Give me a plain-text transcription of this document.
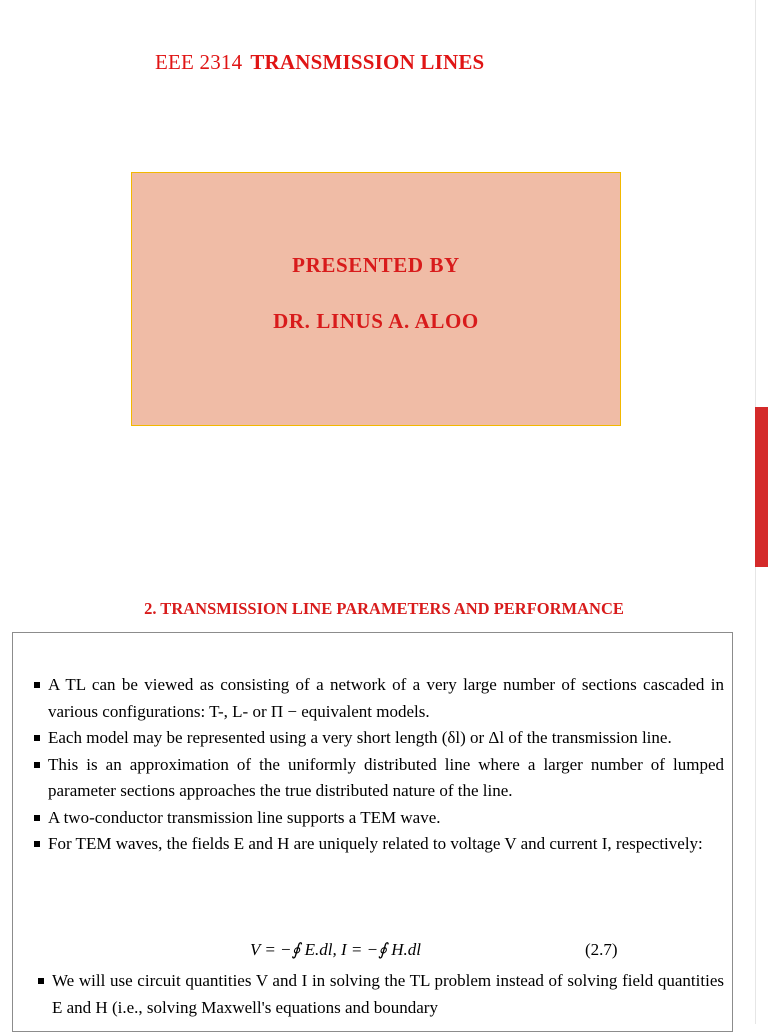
EEE 2314 TRANSMISSION LINES
PRESENTED BY
DR. LINUS A. ALOO
2. TRANSMISSION LINE PARAMETERS AND PERFORMANCE
A TL can be viewed as consisting of a network of a very large number of sections cascaded in various configurations: T-, L- or Π − equivalent models.
Each model may be represented using a very short length (δl) or Δl of the transmission line.
This is an approximation of the uniformly distributed line where a larger number of lumped parameter sections approaches the true distributed nature of the line.
A two-conductor transmission line supports a TEM wave.
For TEM waves, the fields E and H are uniquely related to voltage V and current I, respectively:
V = −∮ E.dl, I = −∮ H.dl	(2.7)
We will use circuit quantities V and I in solving the TL problem instead of solving field quantities E and H (i.e., solving Maxwell's equations and boundary
